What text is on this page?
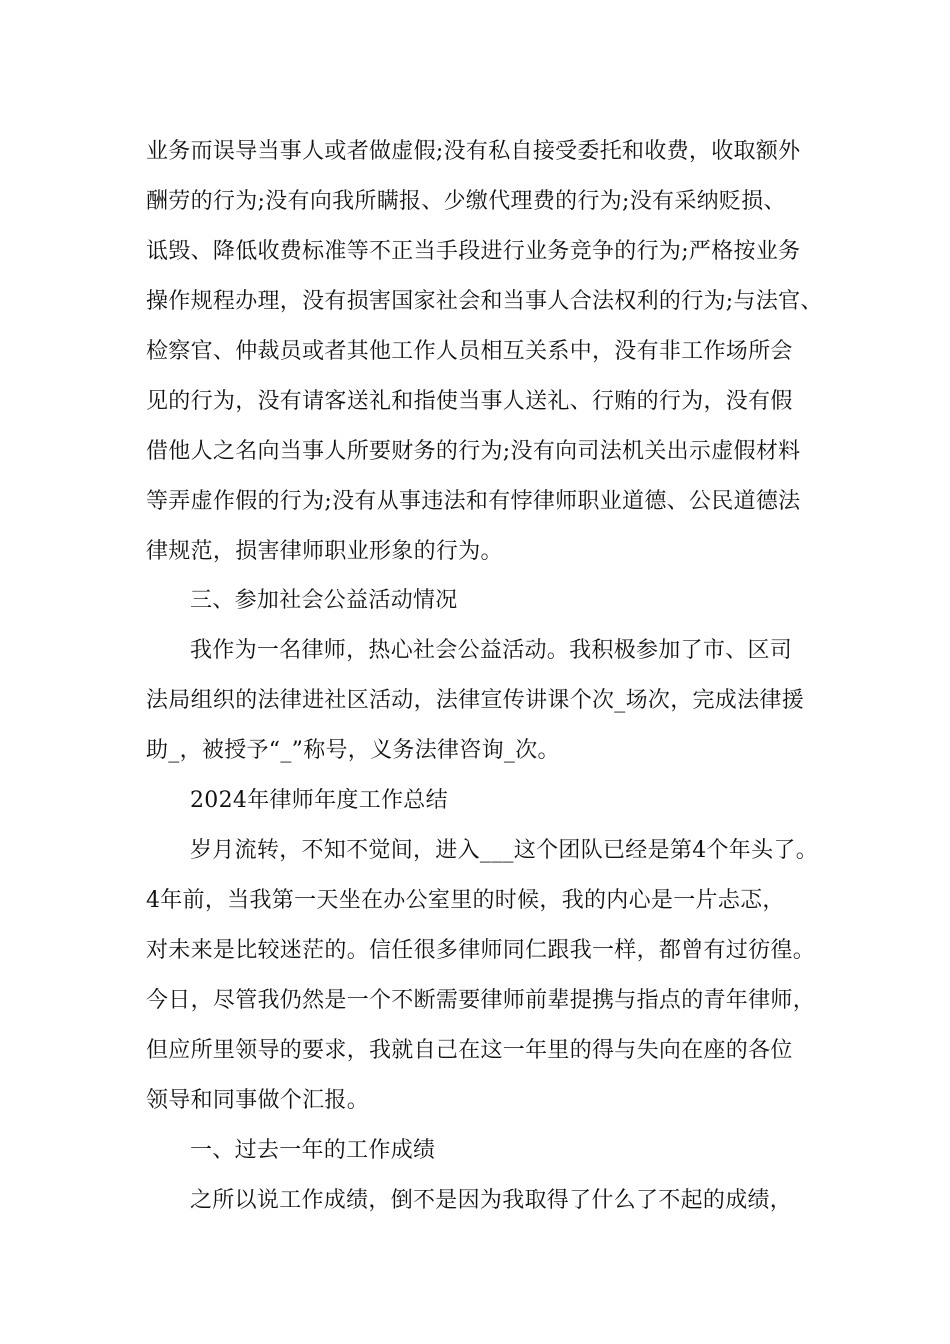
业务而误导当事人或者做虚假;没有私自接受委托和收费，收取额外
酬劳的行为;没有向我所瞒报、少缴代理费的行为;没有采纳贬损、
诋毁、降低收费标准等不正当手段进行业务竞争的行为;严格按业务
操作规程办理，没有损害国家社会和当事人合法权利的行为;与法官、
检察官、仲裁员或者其他工作人员相互关系中，没有非工作场所会
见的行为，没有请客送礼和指使当事人送礼、行贿的行为，没有假
借他人之名向当事人所要财务的行为;没有向司法机关出示虚假材料
等弄虚作假的行为;没有从事违法和有悖律师职业道德、公民道德法
律规范，损害律师职业形象的行为。
三、参加社会公益活动情况
我作为一名律师，热心社会公益活动。我积极参加了市、区司
法局组织的法律进社区活动，法律宣传讲课个次_场次，完成法律援
助_，被授予“_”称号，义务法律咨询_次。
2024年律师年度工作总结
岁月流转，不知不觉间，进入___这个团队已经是第4个年头了。
4年前，当我第一天坐在办公室里的时候，我的内心是一片忐忑，
对未来是比较迷茫的。信任很多律师同仁跟我一样，都曾有过彷徨。
今日，尽管我仍然是一个不断需要律师前辈提携与指点的青年律师，
但应所里领导的要求，我就自己在这一年里的得与失向在座的各位
领导和同事做个汇报。
一、过去一年的工作成绩
之所以说工作成绩，倒不是因为我取得了什么了不起的成绩，
